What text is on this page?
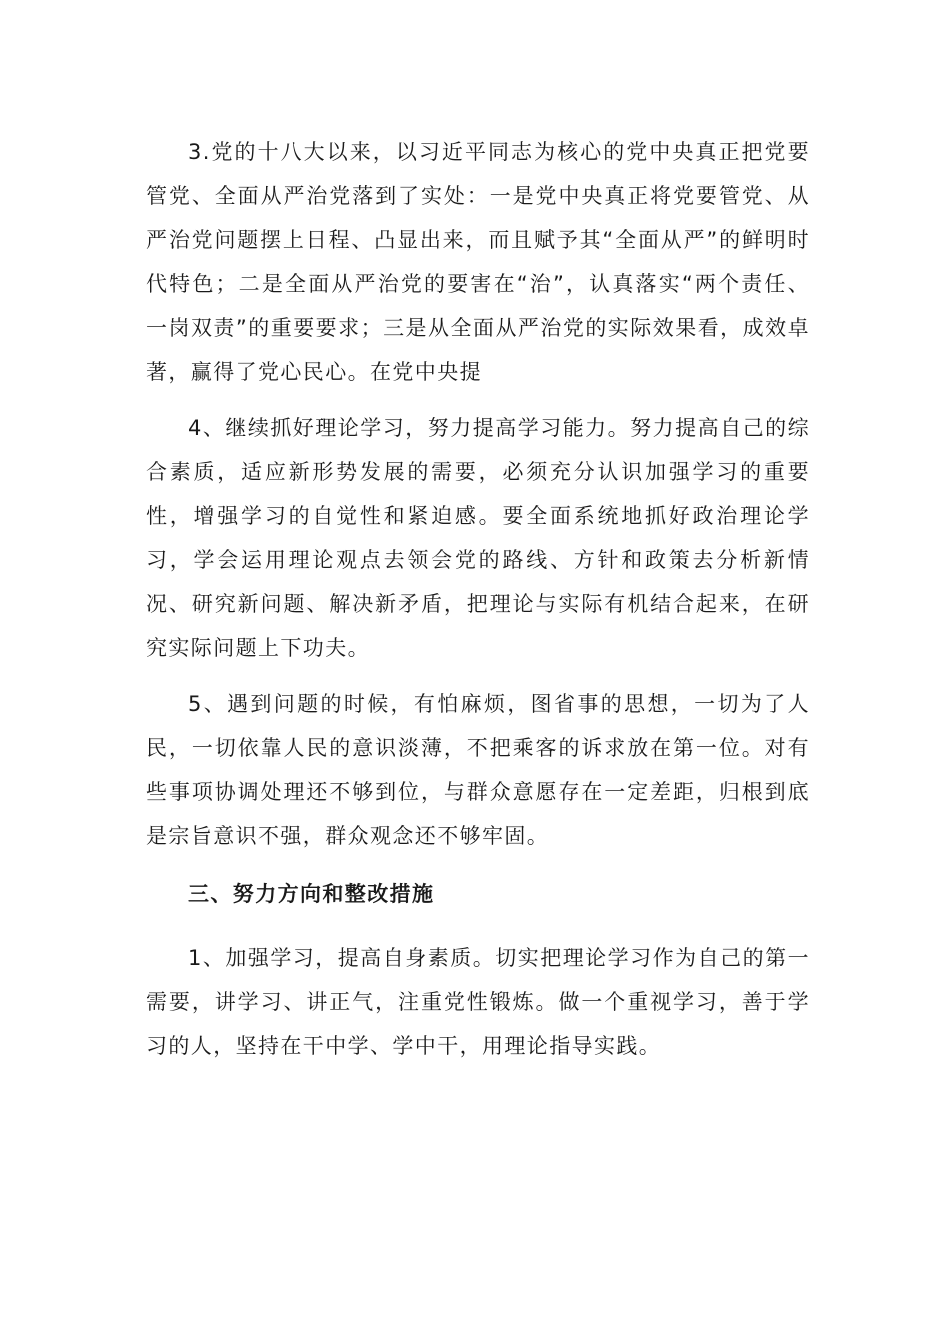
3.党的十八大以来，以习近平同志为核心的党中央真正把党要管党、全面从严治党落到了实处：一是党中央真正将党要管党、从严治党问题摆上日程、凸显出来，而且赋予其“全面从严”的鲜明时代特色；二是全面从严治党的要害在“治”，认真落实“两个责任、一岗双责”的重要要求；三是从全面从严治党的实际效果看，成效卓著，赢得了党心民心。在党中央提

4、继续抓好理论学习，努力提高学习能力。努力提高自己的综合素质，适应新形势发展的需要，必须充分认识加强学习的重要性，增强学习的自觉性和紧迫感。要全面系统地抓好政治理论学习，学会运用理论观点去领会党的路线、方针和政策去分析新情况、研究新问题、解决新矛盾，把理论与实际有机结合起来，在研究实际问题上下功夫。

5、遇到问题的时候，有怕麻烦，图省事的思想，一切为了人民，一切依靠人民的意识淡薄，不把乘客的诉求放在第一位。对有些事项协调处理还不够到位，与群众意愿存在一定差距，归根到底是宗旨意识不强，群众观念还不够牢固。

三、努力方向和整改措施

1、加强学习，提高自身素质。切实把理论学习作为自己的第一需要，讲学习、讲正气，注重党性锻炼。做一个重视学习，善于学习的人，坚持在干中学、学中干，用理论指导实践。
